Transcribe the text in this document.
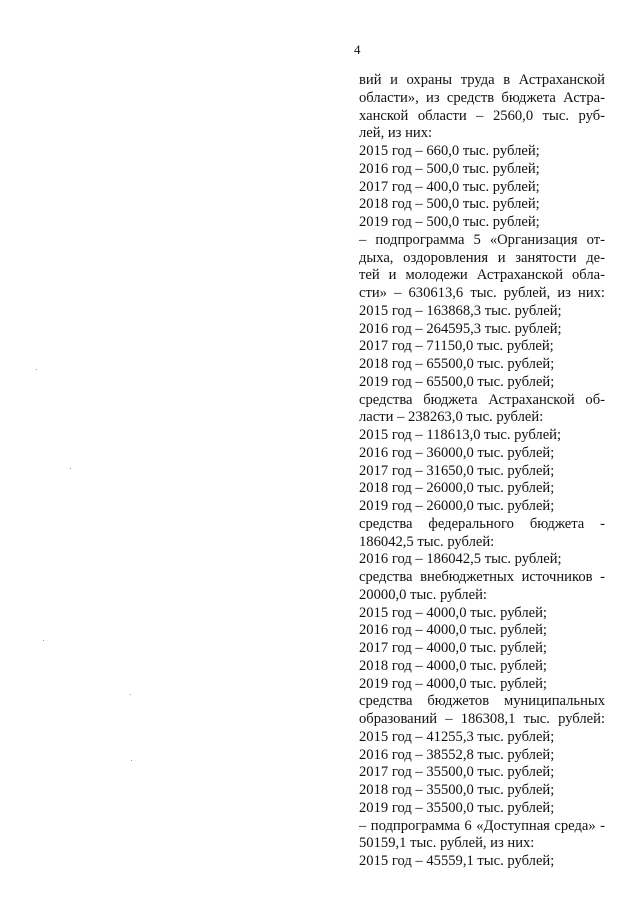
4
вий и охраны труда в Астраханской
области», из средств бюджета Астра-
ханской области – 2560,0 тыс. руб-
лей, из них:
2015 год – 660,0 тыс. рублей;
2016 год – 500,0 тыс. рублей;
2017 год – 400,0 тыс. рублей;
2018 год – 500,0 тыс. рублей;
2019 год – 500,0 тыс. рублей;
– подпрограмма 5 «Организация от-
дыха, оздоровления и занятости де-
тей и молодежи Астраханской обла-
сти» – 630613,6 тыс. рублей, из них:
2015 год – 163868,3 тыс. рублей;
2016 год – 264595,3 тыс. рублей;
2017 год – 71150,0 тыс. рублей;
2018 год – 65500,0 тыс. рублей;
2019 год – 65500,0 тыс. рублей;
средства бюджета Астраханской об-
ласти – 238263,0 тыс. рублей:
2015 год – 118613,0 тыс. рублей;
2016 год – 36000,0 тыс. рублей;
2017 год – 31650,0 тыс. рублей;
2018 год – 26000,0 тыс. рублей;
2019 год – 26000,0 тыс. рублей;
средства федерального бюджета -
186042,5 тыс. рублей:
2016 год – 186042,5 тыс. рублей;
средства внебюджетных источников -
20000,0 тыс. рублей:
2015 год – 4000,0 тыс. рублей;
2016 год – 4000,0 тыс. рублей;
2017 год – 4000,0 тыс. рублей;
2018 год – 4000,0 тыс. рублей;
2019 год – 4000,0 тыс. рублей;
средства бюджетов муниципальных
образований – 186308,1 тыс. рублей:
2015 год – 41255,3 тыс. рублей;
2016 год – 38552,8 тыс. рублей;
2017 год – 35500,0 тыс. рублей;
2018 год – 35500,0 тыс. рублей;
2019 год – 35500,0 тыс. рублей;
– подпрограмма 6 «Доступная среда» -
50159,1 тыс. рублей, из них:
2015 год – 45559,1 тыс. рублей;
